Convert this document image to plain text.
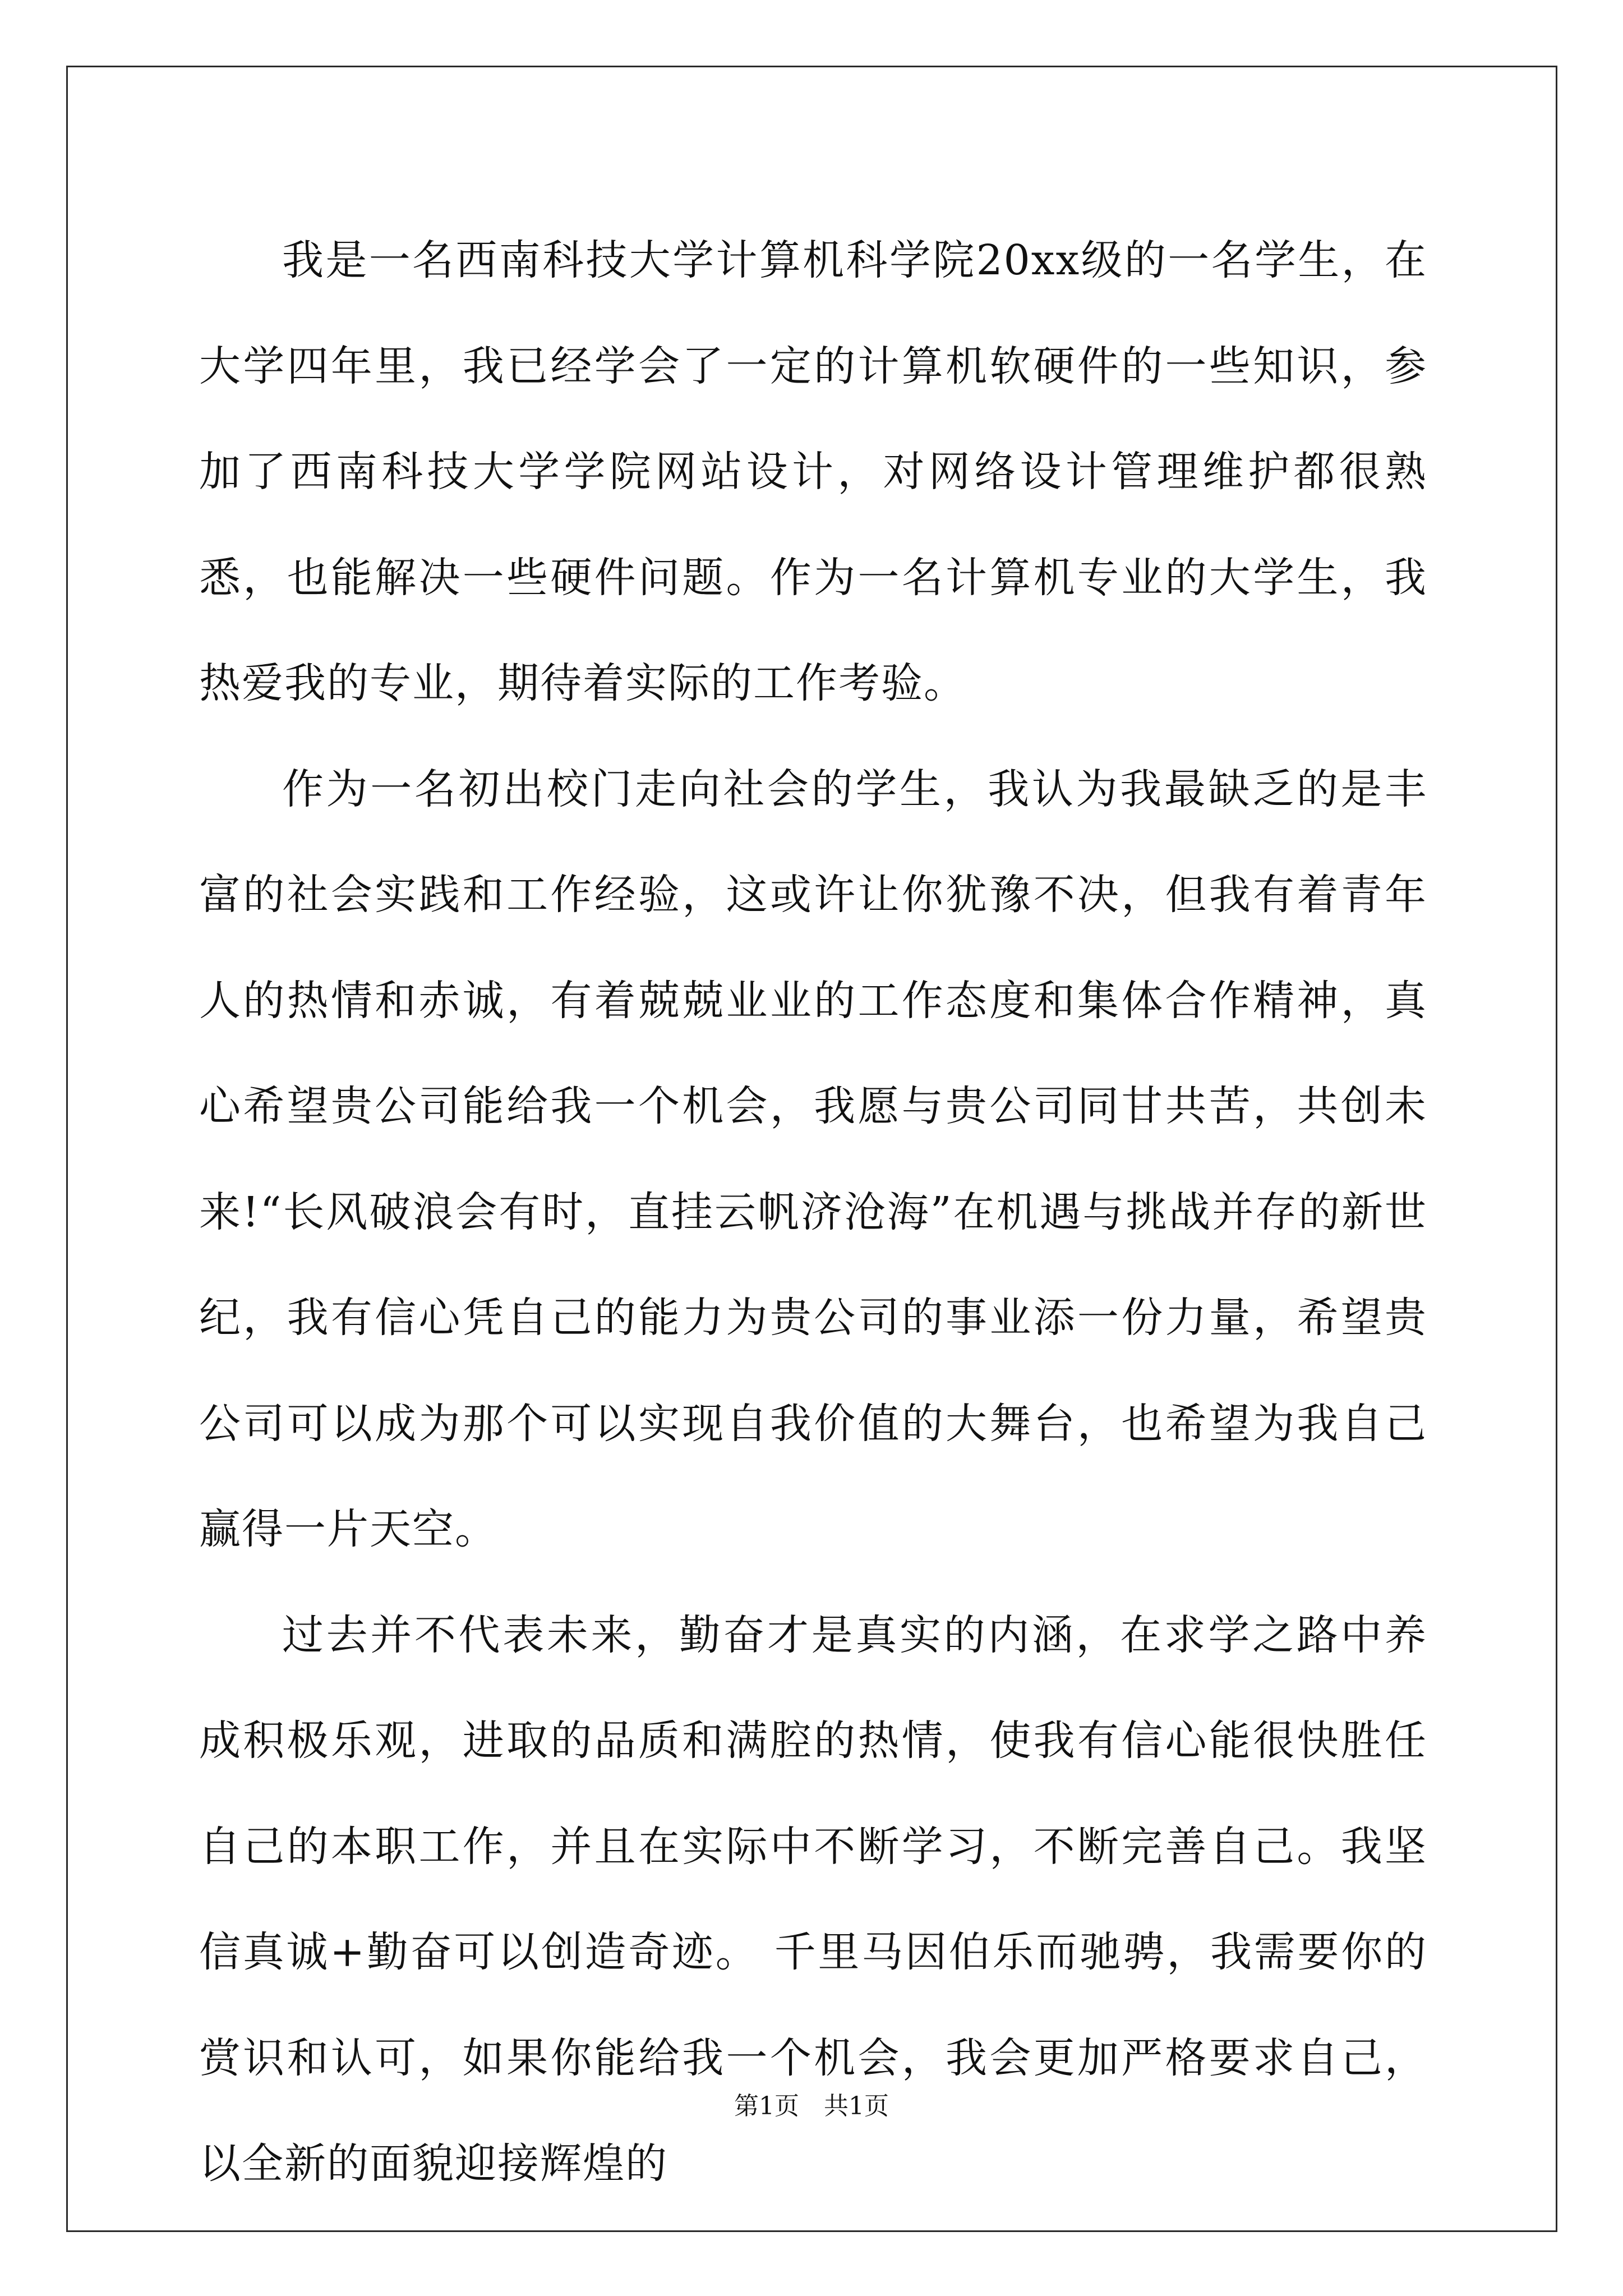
我是一名西南科技大学计算机科学院20xx级的一名学生，在大学四年里，我已经学会了一定的计算机软硬件的一些知识，参加了西南科技大学学院网站设计，对网络设计管理维护都很熟悉，也能解决一些硬件问题。作为一名计算机专业的大学生，我热爱我的专业，期待着实际的工作考验。

作为一名初出校门走向社会的学生，我认为我最缺乏的是丰富的社会实践和工作经验，这或许让你犹豫不决，但我有着青年人的热情和赤诚，有着兢兢业业的工作态度和集体合作精神，真心希望贵公司能给我一个机会，我愿与贵公司同甘共苦，共创未来!“长风破浪会有时，直挂云帆济沧海”在机遇与挑战并存的新世纪，我有信心凭自己的能力为贵公司的事业添一份力量，希望贵公司可以成为那个可以实现自我价值的大舞台，也希望为我自己赢得一片天空。

过去并不代表未来，勤奋才是真实的内涵，在求学之路中养成积极乐观，进取的品质和满腔的热情，使我有信心能很快胜任自己的本职工作，并且在实际中不断学习，不断完善自己。我坚信真诚+勤奋可以创造奇迹。 千里马因伯乐而驰骋，我需要你的赏识和认可，如果你能给我一个机会，我会更加严格要求自己，以全新的面貌迎接辉煌的

第1页　共1页
